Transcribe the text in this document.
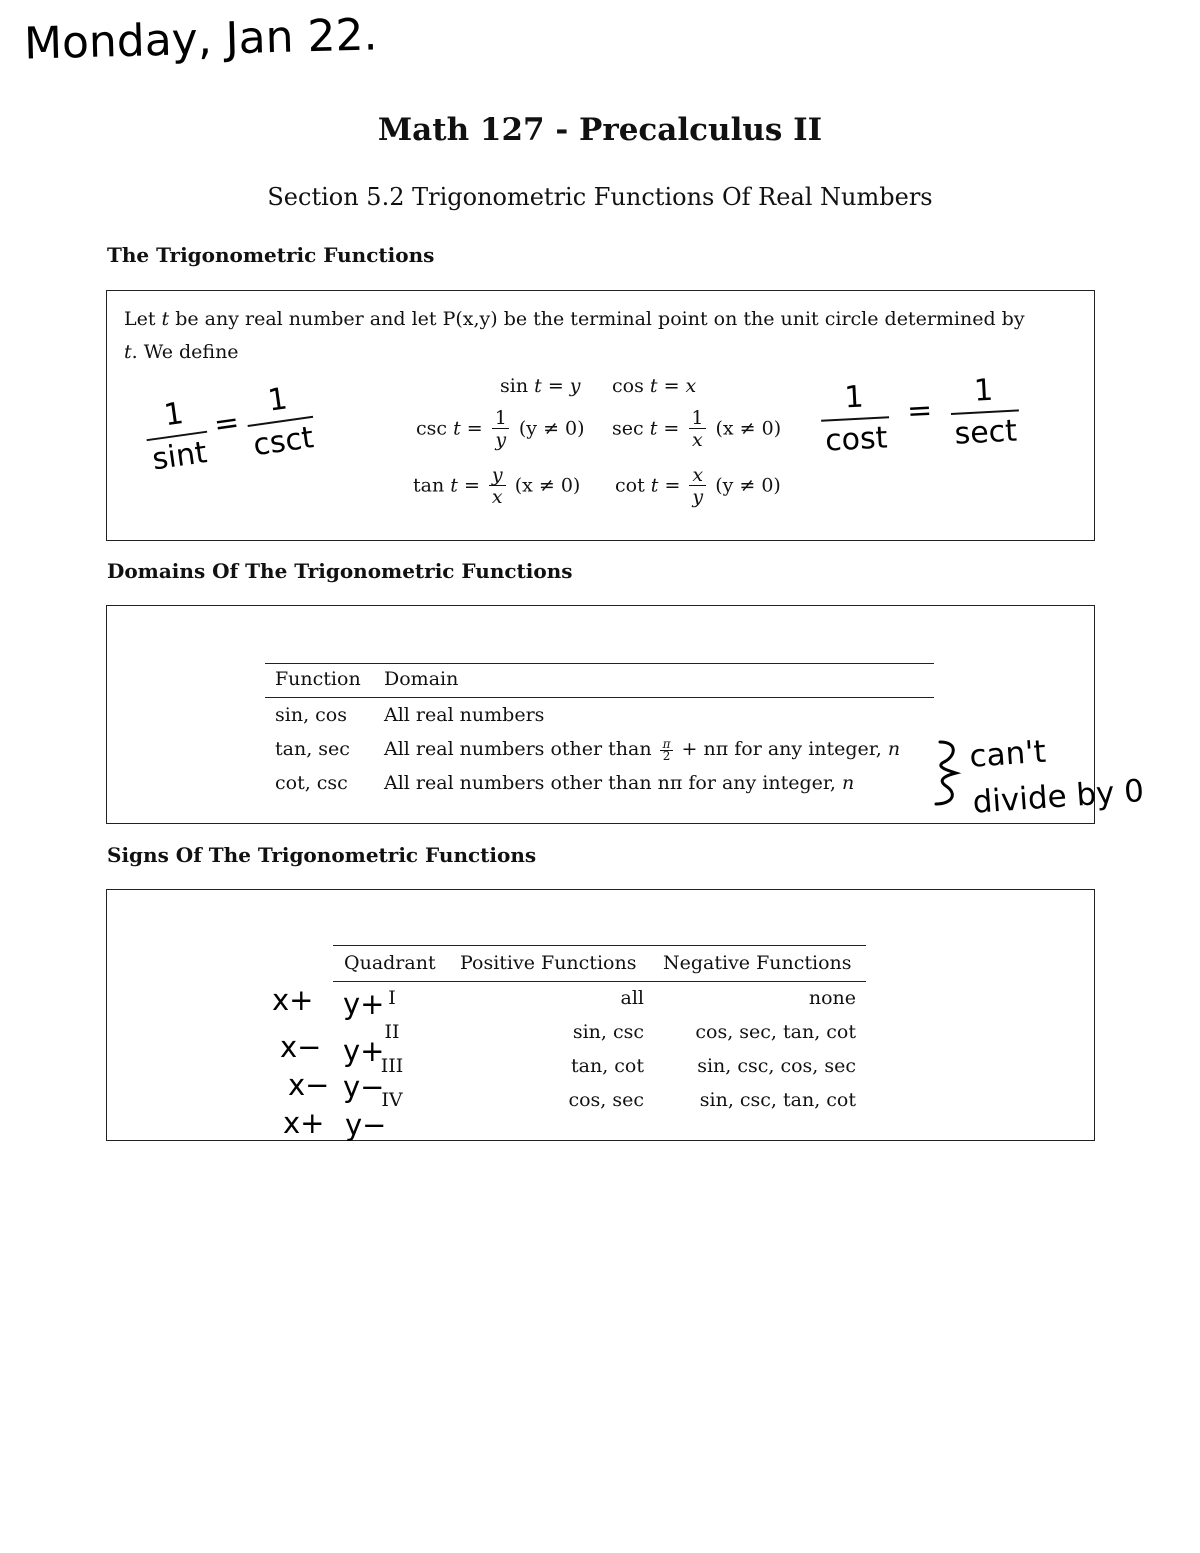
Monday, Jan 22.
Math 127 - Precalculus II
Section 5.2 Trigonometric Functions Of Real Numbers
The Trigonometric Functions
Let t be any real number and let P(x,y) be the terminal point on the unit circle determined by
t. We define
sin t = y cos t = x
$\csc t = \frac{1}{y} (y \ne 0)$ $\sec t = \frac{1}{x} (x \ne 0)$
$\tan t = \frac{y}{x} (x \ne 0)$ $\cot t = \frac{x}{y} (y \ne 0)$
$\frac{1}{\sin t} = \frac{1}{\csc t}$	$\frac{1}{\cos t} = \frac{1}{\sec t}$
Domains Of The Trigonometric Functions
Function Domain
sin, cos All real numbers
tan, sec All real numbers other than $\frac{\pi}{2} + n\pi$ for any integer, n
cot, csc All real numbers other than nπ for any integer, n
can't divide by 0
Signs Of The Trigonometric Functions
Quadrant Positive Functions Negative Functions
I	all	none
II	sin, csc	cos, sec, tan, cot
III	tan, cot	sin, csc, cos, sec
IV	cos, sec	sin, csc, tan, cot
x+ y+
x− y+
x− y−
x+ y−
